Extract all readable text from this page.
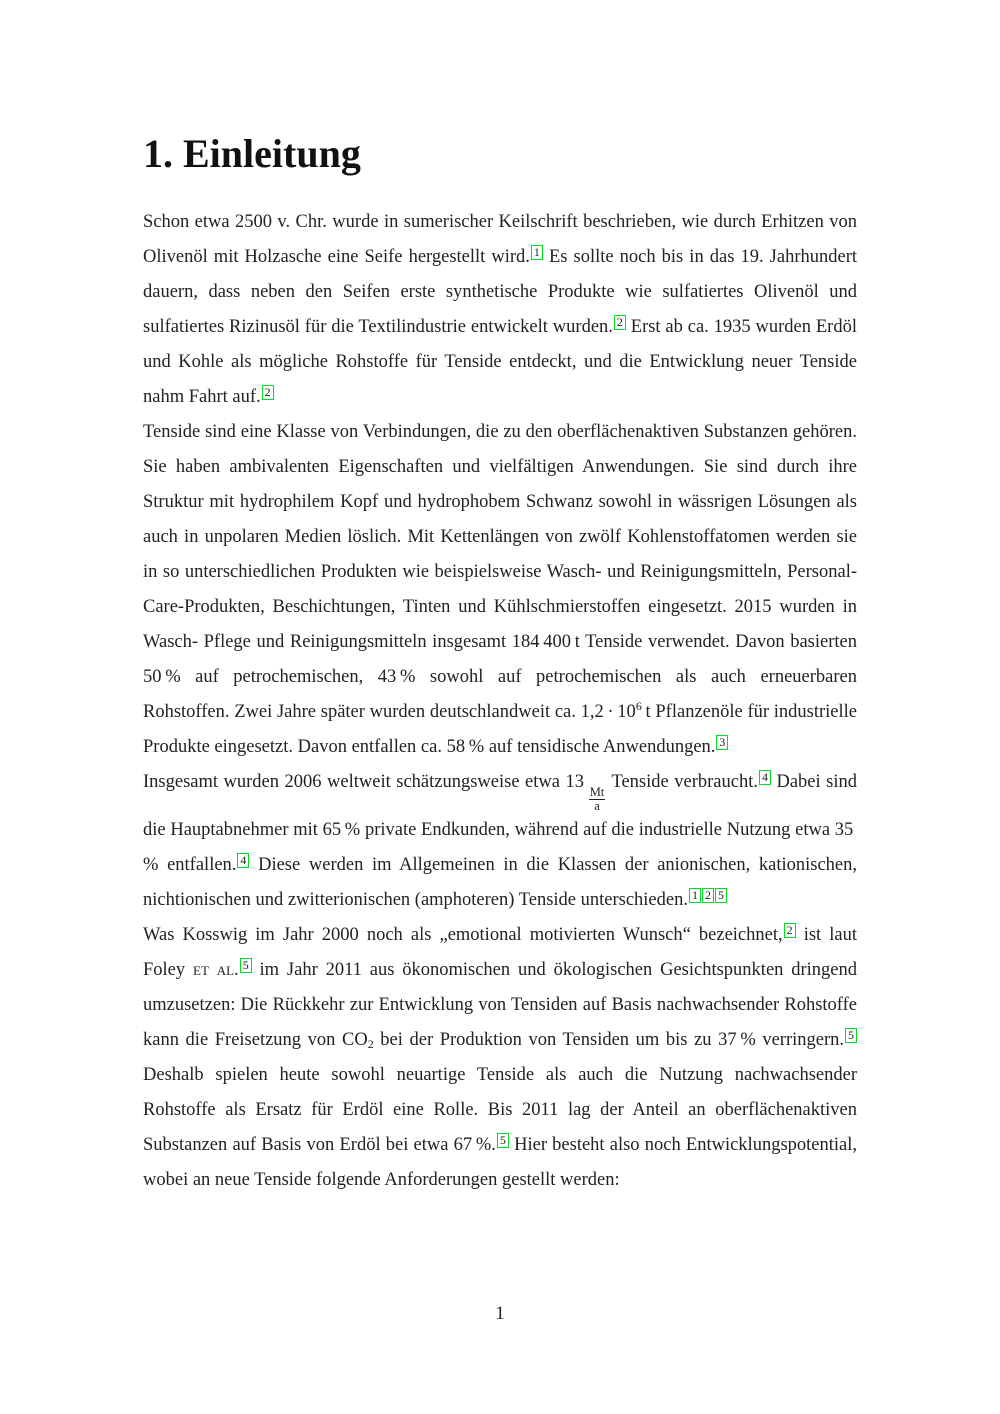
1. Einleitung

Schon etwa 2500 v. Chr. wurde in sumerischer Keilschrift beschrieben, wie durch Erhitzen von Olivenöl mit Holzasche eine Seife hergestellt wird. $^1$ Es sollte noch bis in das 19. Jahrhundert dauern, dass neben den Seifen erste synthetische Produkte wie sulfatiertes Olivenöl und sulfatiertes Rizinusöl für die Textilindustrie entwickelt wurden. $^2$ Erst ab ca. 1935 wurden Erdöl und Kohle als mögliche Rohstoffe für Tenside entdeckt, und die Entwicklung neuer Tenside nahm Fahrt auf. $^2$

Tenside sind eine Klasse von Verbindungen, die zu den oberflächenaktiven Substanzen gehören. Sie haben ambivalenten Eigenschaften und vielfältigen Anwendungen. Sie sind durch ihre Struktur mit hydrophilem Kopf und hydrophobem Schwanz sowohl in wässrigen Lösungen als auch in unpolaren Medien löslich. Mit Kettenlängen von zwölf Kohlenstoffatomen werden sie in so unterschiedlichen Produkten wie beispielsweise Wasch- und Reinigungsmitteln, Personal-Care-Produkten, Beschichtungen, Tinten und Kühlschmierstoffen eingesetzt. 2015 wurden in Wasch- Pflege und Reinigungsmitteln insgesamt 184 400 t Tenside verwendet. Davon basierten 50 % auf petrochemischen, 43 % sowohl auf petrochemischen als auch erneuerbaren Rohstoffen. Zwei Jahre später wurden deutschlandweit ca. $1,2 \cdot 10^6$ t Pflanzenöle für industrielle Produkte eingesetzt. Davon entfallen ca. 58 % auf tensidische Anwendungen. $^3$

Insgesamt wurden 2006 weltweit schätzungsweise etwa 13 
$\frac{Mt}{a}$
Tenside verbraucht. $^4$ Dabei sind die Hauptabnehmer mit 65 % private Endkunden, während auf die industrielle Nutzung etwa 35 % entfallen. $^4$ Diese werden im Allgemeinen in die Klassen der anionischen, kationischen, nichtionischen und zwitterionischen (amphoteren) Tenside unterschieden. $^1$ $^2$ $^5$

Was Kosswig im Jahr 2000 noch als „emotional motivierten Wunsch“ bezeichnet, $^2$ ist laut Foley et al. $^5$ im Jahr 2011 aus ökonomischen und ökologischen Gesichtspunkten dringend umzusetzen: Die Rückkehr zur Entwicklung von Tensiden auf Basis nachwachsender Rohstoffe kann die Freisetzung von $CO_2$ bei der Produktion von Tensiden um bis zu 37 % verringern. $^5$ Deshalb spielen heute sowohl neuartige Tenside als auch die Nutzung nachwachsender Rohstoffe als Ersatz für Erdöl eine Rolle. Bis 2011 lag der Anteil an oberflächenaktiven Substanzen auf Basis von Erdöl bei etwa 67 %. $^5$ Hier besteht also noch Entwicklungspotential, wobei an neue Tenside folgende Anforderungen gestellt werden:

1
